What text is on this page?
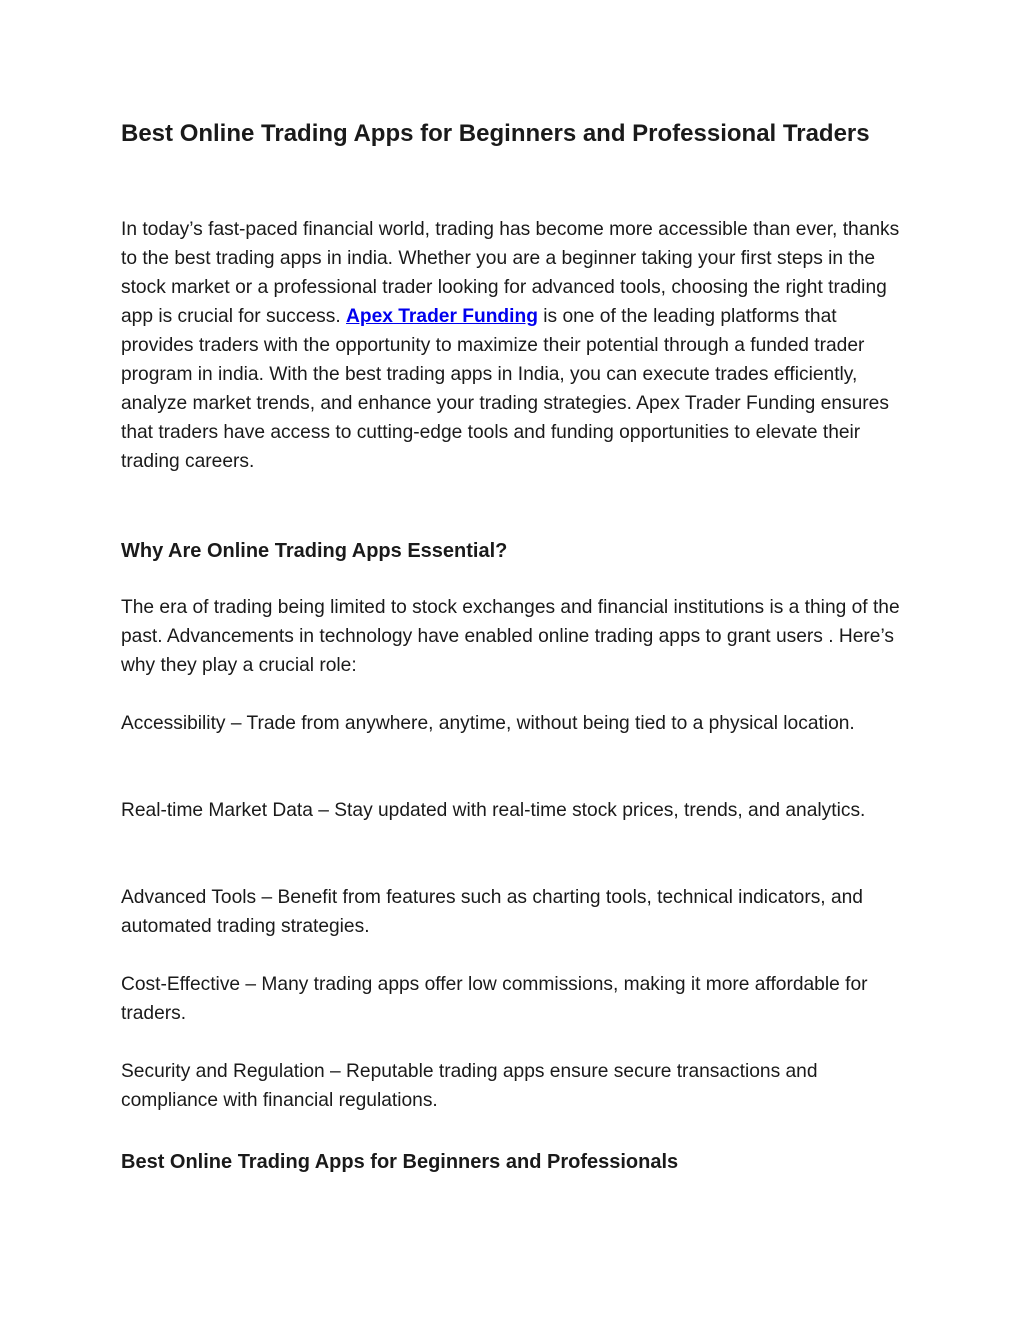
Best Online Trading Apps for Beginners and Professional Traders

In today’s fast-paced financial world, trading has become more accessible than ever, thanks to the best trading apps in india. Whether you are a beginner taking your first steps in the stock market or a professional trader looking for advanced tools, choosing the right trading app is crucial for success. Apex Trader Funding is one of the leading platforms that provides traders with the opportunity to maximize their potential through a funded trader program in india. With the best trading apps in India, you can execute trades efficiently, analyze market trends, and enhance your trading strategies. Apex Trader Funding ensures that traders have access to cutting-edge tools and funding opportunities to elevate their trading careers.

Why Are Online Trading Apps Essential?

The era of trading being limited to stock exchanges and financial institutions is a thing of the past. Advancements in technology have enabled online trading apps to grant users . Here’s why they play a crucial role:

Accessibility – Trade from anywhere, anytime, without being tied to a physical location.

Real-time Market Data – Stay updated with real-time stock prices, trends, and analytics.

Advanced Tools – Benefit from features such as charting tools, technical indicators, and automated trading strategies.

Cost-Effective – Many trading apps offer low commissions, making it more affordable for traders.

Security and Regulation – Reputable trading apps ensure secure transactions and compliance with financial regulations.

Best Online Trading Apps for Beginners and Professionals
